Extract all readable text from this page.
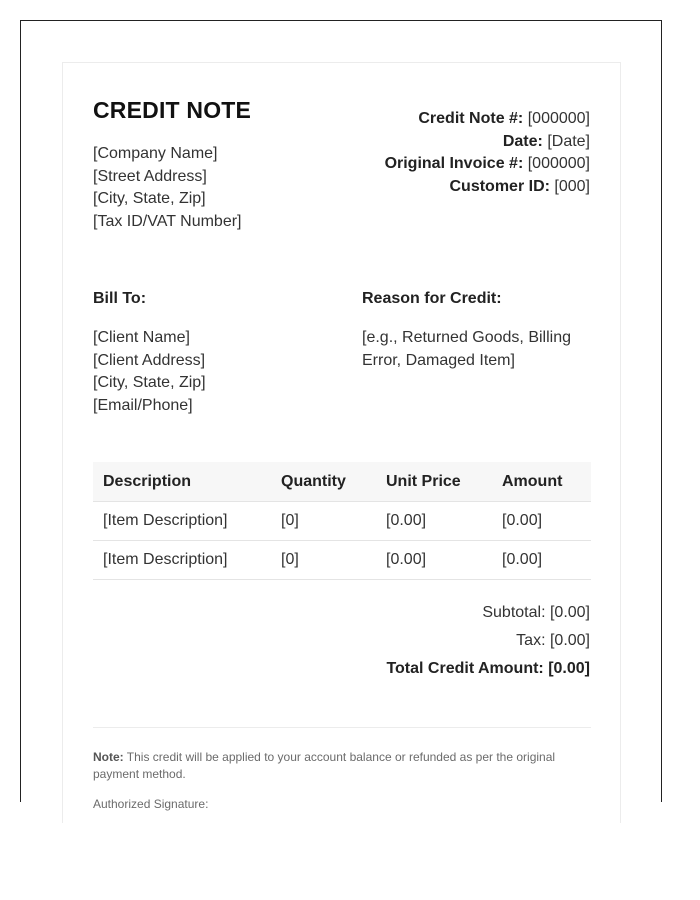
CREDIT NOTE
[Company Name]
[Street Address]
[City, State, Zip]
[Tax ID/VAT Number]
Credit Note #: [000000]
Date: [Date]
Original Invoice #: [000000]
Customer ID: [000]
Bill To:
[Client Name]
[Client Address]
[City, State, Zip]
[Email/Phone]
Reason for Credit:
[e.g., Returned Goods, Billing Error, Damaged Item]
Description	Quantity	Unit Price	Amount
[Item Description]	[0]	[0.00]	[0.00]
[Item Description]	[0]	[0.00]	[0.00]
Subtotal: [0.00]
Tax: [0.00]
Total Credit Amount: [0.00]
Note: This credit will be applied to your account balance or refunded as per the original payment method.
Authorized Signature:
